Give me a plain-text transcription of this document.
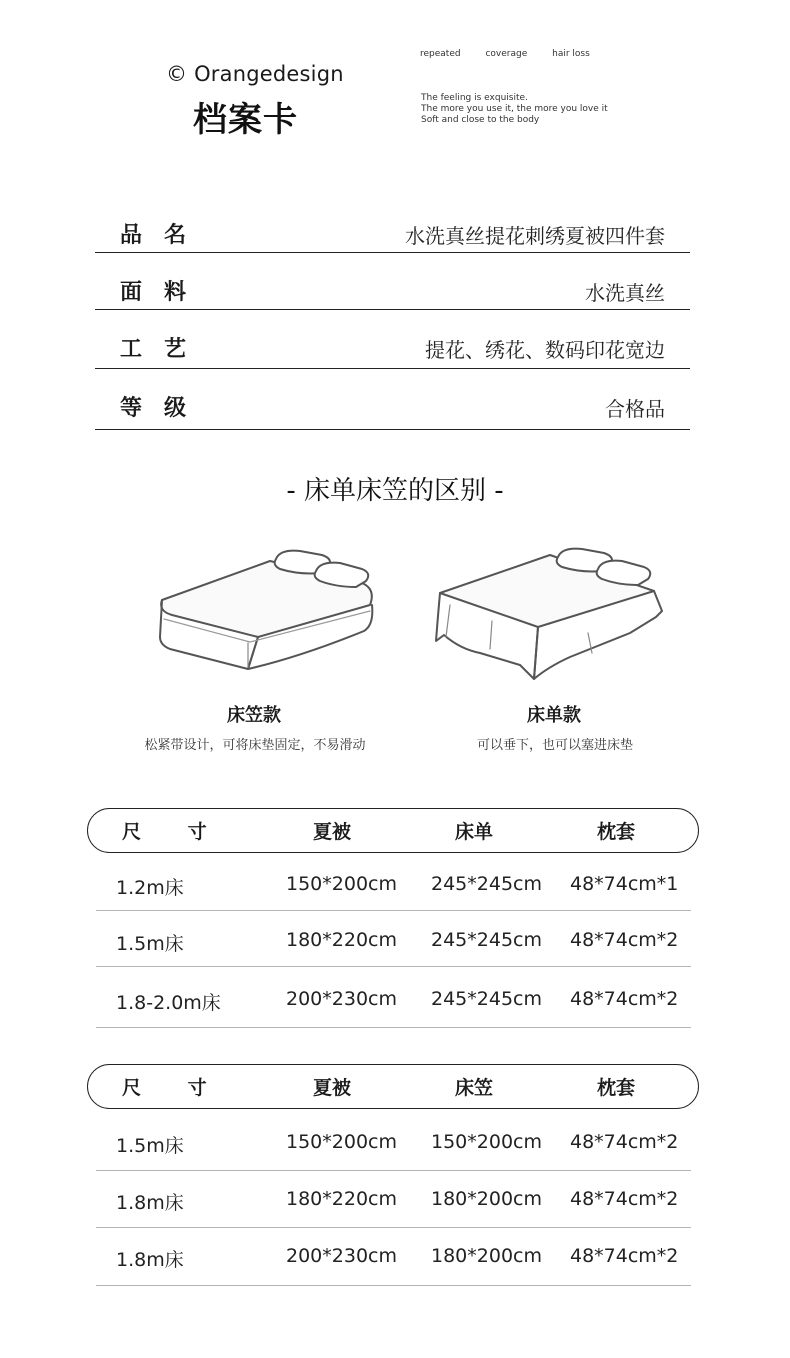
© Orangedesign
档案卡
repeated	coverage	hair loss
The feeling is exquisite.
The more you use it, the more you love it
Soft and close to the body
品名	水洗真丝提花刺绣夏被四件套
面料	水洗真丝
工艺	提花、绣花、数码印花宽边
等级	合格品
- 床单床笠的区别 -
床笠款
松紧带设计，可将床垫固定，不易滑动
床单款
可以垂下，也可以塞进床垫
尺 寸	夏被	床单	枕套
1.2m床	150*200cm 245*245cm 48*74cm*1
1.5m床	180*220cm 245*245cm 48*74cm*2
1.8-2.0m床	200*230cm 245*245cm 48*74cm*2
尺 寸	夏被	床笠	枕套
1.5m床	150*200cm 150*200cm 48*74cm*2
1.8m床	180*220cm 180*200cm 48*74cm*2
1.8m床	200*230cm 180*200cm 48*74cm*2
